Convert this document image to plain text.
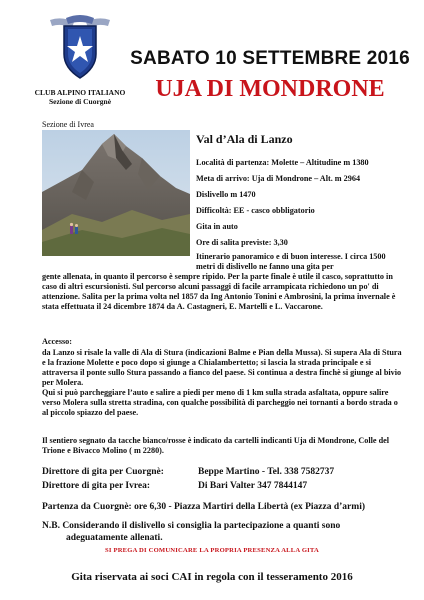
CLUB ALPINO ITALIANO
Sezione di Cuorgnè
SABATO 10 SETTEMBRE 2016
UJA DI MONDRONE
Sezione di Ivrea
Val d’Ala di Lanzo
Località di partenza: Molette – Altitudine m 1380
Meta di arrivo: Uja di Mondrone – Alt. m 2964
Dislivello m 1470
Difficoltà: EE - casco obbligatorio
Gita in auto
Ore di salita previste: 3,30
Itinerario panoramico e di buon interesse. I circa 1500 metri di dislivello ne fanno una gita per
gente allenata, in quanto il percorso è sempre ripido. Per la parte finale è utile il casco, soprattutto in caso di altri escursionisti. Sul percorso alcuni passaggi di facile arrampicata richiedono un po' di attenzione. Salita per la prima volta nel 1857 da Ing Antonio Tonini e Ambrosini, la prima invernale è stata effettuata il 24 dicembre 1874 da A. Castagneri, E. Martelli e L. Vaccarone.
Accesso:
da Lanzo si risale la valle di Ala di Stura (indicazioni Balme e Pian della Mussa). Si supera Ala di Stura e la frazione Molette e poco dopo si giunge a Chialambertetto; si lascia la strada principale e si attraversa il ponte sullo Stura passando a fianco del paese. Si continua a destra finchè si giunge al bivio per Molera.
Qui si può parcheggiare l’auto e salire a piedi per meno di 1 km sulla strada asfaltata, oppure salire verso Molera sulla stretta stradina, con qualche possibilità di parcheggio nei tornanti a bordo strada o al piccolo spiazzo del paese.
Il sentiero segnato da tacche bianco/rosse è indicato da cartelli indicanti Uja di Mondrone, Colle del Trione e Bivacco Molino ( m 2280).
Direttore di gita per Cuorgnè:	Beppe Martino - Tel. 338 7582737
Direttore di gita per Ivrea:	Di Bari Valter 347 7844147
Partenza da Cuorgnè: ore 6,30 - Piazza Martiri della Libertà (ex Piazza d’armi)
N.B. Considerando il dislivello si consiglia la partecipazione a quanti sono
adeguatamente allenati.
SI PREGA DI COMUNICARE LA PROPRIA PRESENZA ALLA GITA
Gita riservata ai soci CAI in regola con il tesseramento 2016
